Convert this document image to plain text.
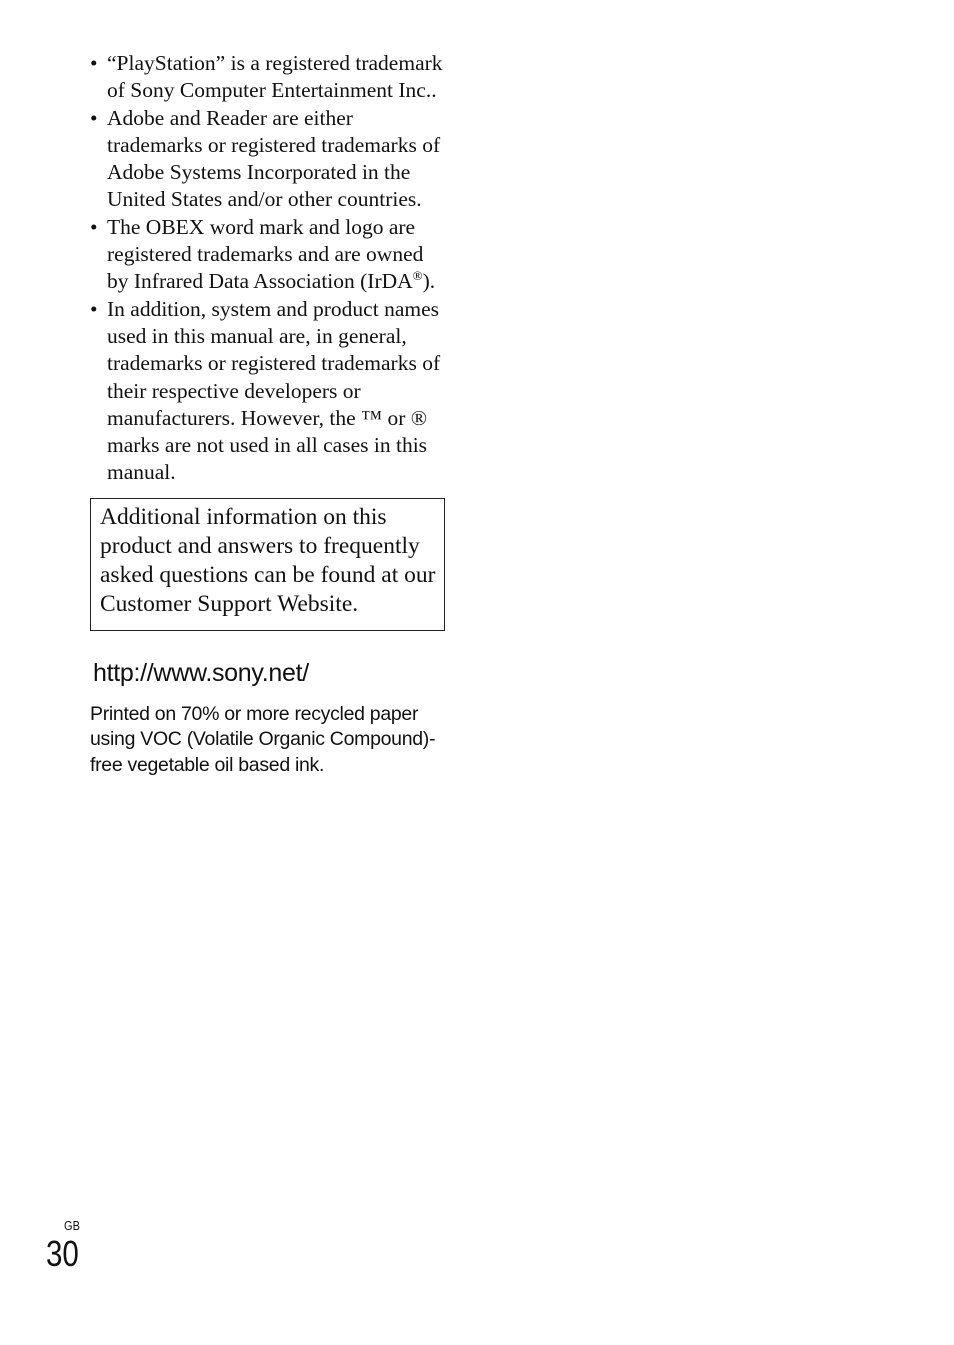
• “PlayStation” is a registered trademark of Sony Computer Entertainment Inc..
• Adobe and Reader are either trademarks or registered trademarks of Adobe Systems Incorporated in the United States and/or other countries.
• The OBEX word mark and logo are registered trademarks and are owned by Infrared Data Association (IrDA®).
• In addition, system and product names used in this manual are, in general, trademarks or registered trademarks of their respective developers or manufacturers. However, the ™ or ® marks are not used in all cases in this manual.
Additional information on this product and answers to frequently asked questions can be found at our Customer Support Website.
http://www.sony.net/
Printed on 70% or more recycled paper using VOC (Volatile Organic Compound)-free vegetable oil based ink.
GB
30
